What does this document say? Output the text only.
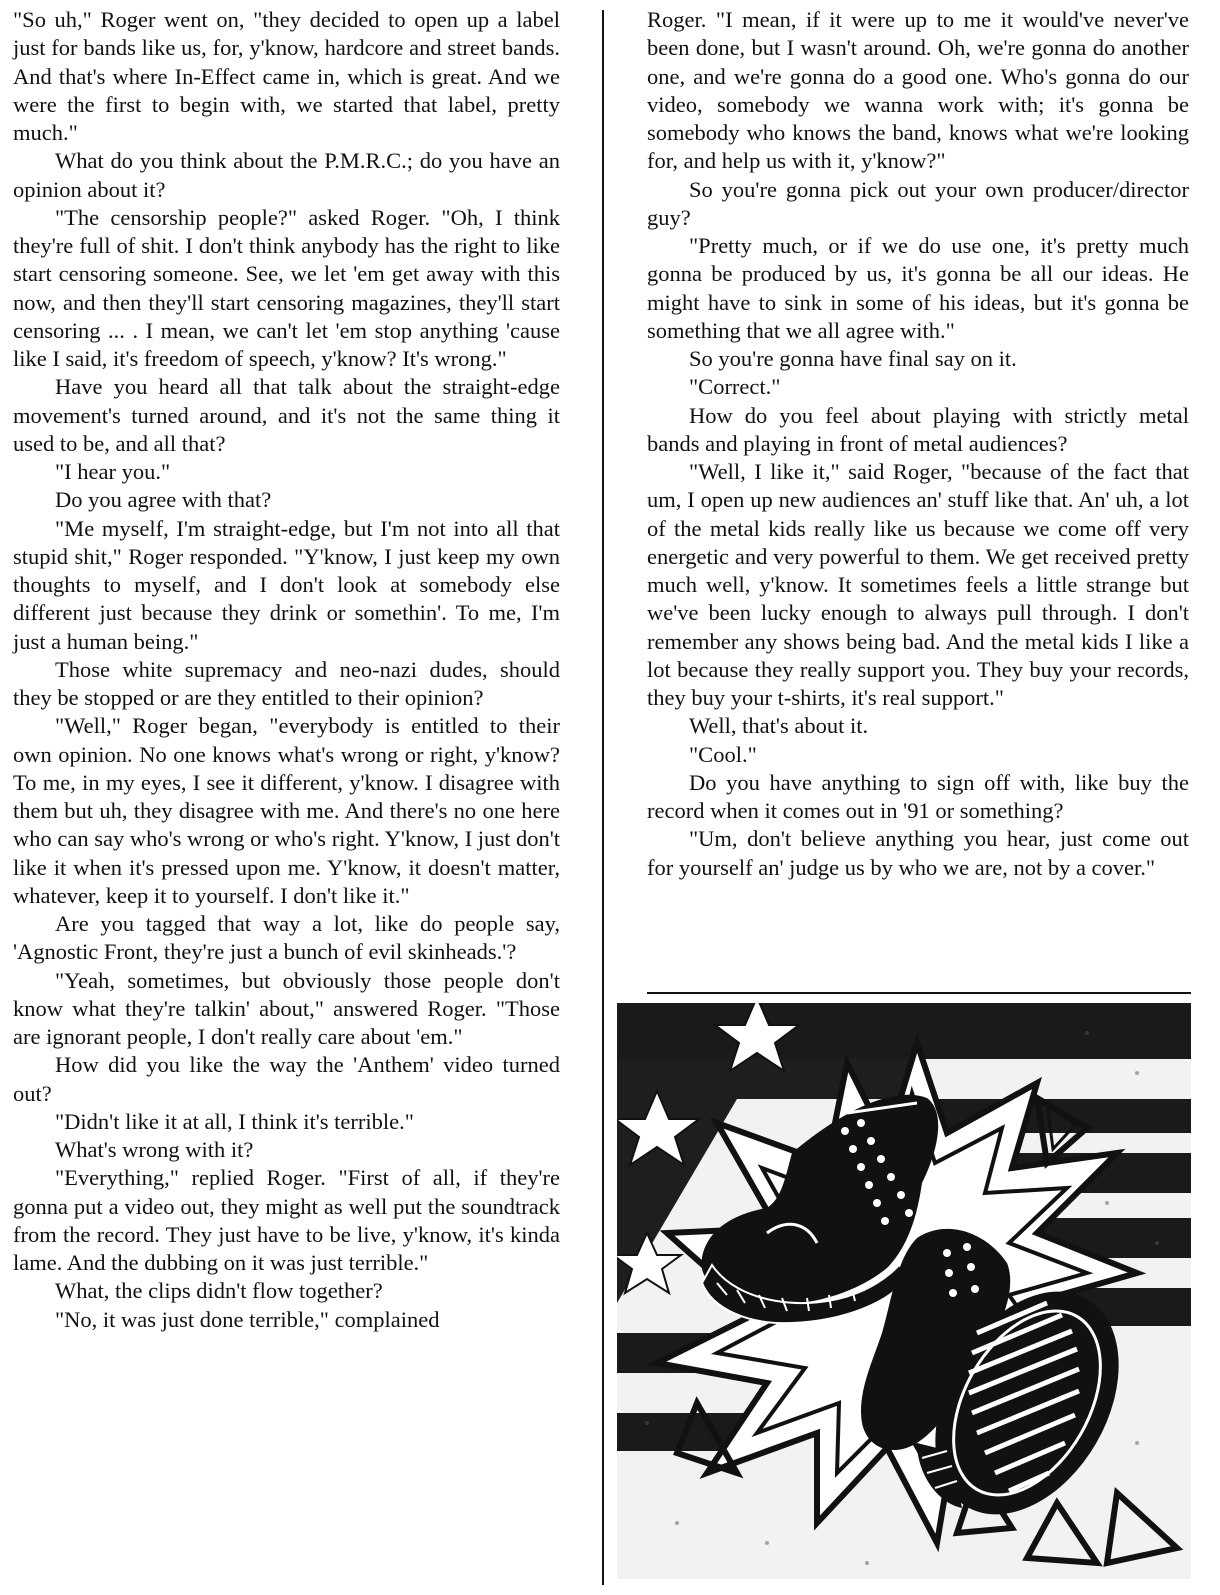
"So uh," Roger went on, "they decided to open up a label just for bands like us, for, y'know, hardcore and street bands. And that's where In-Effect came in, which is great. And we were the first to begin with, we started that label, pretty much."

What do you think about the P.M.R.C.; do you have an opinion about it?

"The censorship people?" asked Roger. "Oh, I think they're full of shit. I don't think anybody has the right to like start censoring someone. See, we let 'em get away with this now, and then they'll start censoring magazines, they'll start censoring ... . I mean, we can't let 'em stop anything 'cause like I said, it's freedom of speech, y'know? It's wrong."

Have you heard all that talk about the straight-edge movement's turned around, and it's not the same thing it used to be, and all that?

"I hear you."

Do you agree with that?

"Me myself, I'm straight-edge, but I'm not into all that stupid shit," Roger responded. "Y'know, I just keep my own thoughts to myself, and I don't look at somebody else different just because they drink or somethin'. To me, I'm just a human being."

Those white supremacy and neo-nazi dudes, should they be stopped or are they entitled to their opinion?

"Well," Roger began, "everybody is entitled to their own opinion. No one knows what's wrong or right, y'know? To me, in my eyes, I see it different, y'know. I disagree with them but uh, they disagree with me. And there's no one here who can say who's wrong or who's right. Y'know, I just don't like it when it's pressed upon me. Y'know, it doesn't matter, whatever, keep it to yourself. I don't like it."

Are you tagged that way a lot, like do people say, 'Agnostic Front, they're just a bunch of evil skinheads.'?

"Yeah, sometimes, but obviously those people don't know what they're talkin' about," answered Roger. "Those are ignorant people, I don't really care about 'em."

How did you like the way the 'Anthem' video turned out?

"Didn't like it at all, I think it's terrible."

What's wrong with it?

"Everything," replied Roger. "First of all, if they're gonna put a video out, they might as well put the soundtrack from the record. They just have to be live, y'know, it's kinda lame. And the dubbing on it was just terrible."

What, the clips didn't flow together?

"No, it was just done terrible," complained

Roger. "I mean, if it were up to me it would've never've been done, but I wasn't around. Oh, we're gonna do another one, and we're gonna do a good one. Who's gonna do our video, somebody we wanna work with; it's gonna be somebody who knows the band, knows what we're looking for, and help us with it, y'know?"

So you're gonna pick out your own producer/director guy?

"Pretty much, or if we do use one, it's pretty much gonna be produced by us, it's gonna be all our ideas. He might have to sink in some of his ideas, but it's gonna be something that we all agree with."

So you're gonna have final say on it.

"Correct."

How do you feel about playing with strictly metal bands and playing in front of metal audiences?

"Well, I like it," said Roger, "because of the fact that um, I open up new audiences an' stuff like that. An' uh, a lot of the metal kids really like us because we come off very energetic and very powerful to them. We get received pretty much well, y'know. It sometimes feels a little strange but we've been lucky enough to always pull through. I don't remember any shows being bad. And the metal kids I like a lot because they really support you. They buy your records, they buy your t-shirts, it's real support."

Well, that's about it.

"Cool."

Do you have anything to sign off with, like buy the record when it comes out in '91 or something?

"Um, don't believe anything you hear, just come out for yourself an' judge us by who we are, not by a cover."
